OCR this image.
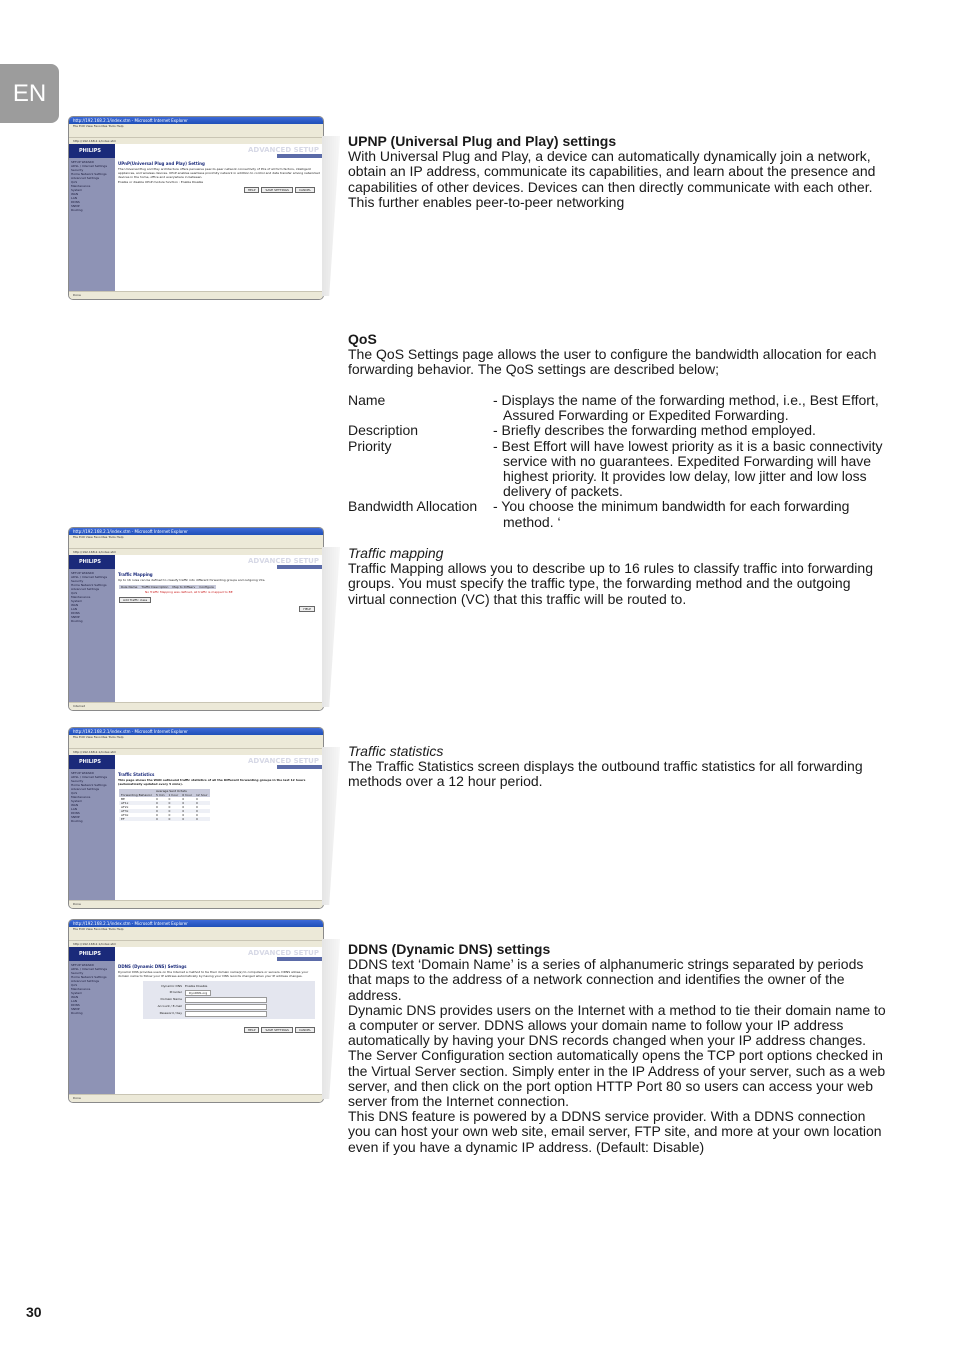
EN
http://192.168.2.1/index.stm - Microsoft Internet Explorer
File Edit View Favorites Tools Help
http://192.168.2.1/index.stm
PHILIPS
SETUP WIZARD
ADSL / Internet Settings
Security
Home Network Settings
Advanced Settings
QoS
Maintenance
System
WAN
LAN
DDNS
SNMP
Routing
ADVANCED SETUP
UPnP(Universal Plug and Play) Setting
The Universal Plug and Play architecture offers pervasive peer-to-peer network connectivity of PCs of all form factors, intelligent appliances, and wireless devices. UPnP enables seamless proximity network in addition to control and data transfer among networked devices in the home, office and everywhere in between.
Enable or disable UPnP module function : Enable Disable
HELP	SAVE SETTINGS	CANCEL
Done
http://192.168.2.1/index.stm - Microsoft Internet Explorer
File Edit View Favorites Tools Help
http://192.168.2.1/index.stm
PHILIPS
SETUP WIZARD
ADSL / Internet Settings
Security
Home Network Settings
Advanced Settings
QoS
Maintenance
System
WAN
LAN
DDNS
SNMP
Routing
ADVANCED SETUP
Traffic Mapping
Up to 16 rules can be defined to classify traffic into different forwarding groups and outgoing VCs.
Rule Name	Traffic Description	Map to Diffserv	Configure
No Traffic Mapping was defined, all traffic is mapped to BE
Add Traffic class
HELP
Internet
http://192.168.2.1/index.stm - Microsoft Internet Explorer
File Edit View Favorites Tools Help
http://192.168.2.1/index.stm
PHILIPS
SETUP WIZARD
ADSL / Internet Settings
Security
Home Network Settings
Advanced Settings
QoS
Maintenance
System
WAN
LAN
DDNS
SNMP
Routing
ADVANCED SETUP
Traffic Statistics
This page shows the WAN outbound traffic statistics of all the Different forwarding groups in the last 12 hours (automatically updated every 5 mins).
	Average Sent Octets			
Forwarding Behavior	5 min	1 hour	6 hour	12 hour
BE	0	0	0	0
AF1x	0	0	0	0
AF2x	0	0	0	0
AF3x	0	0	0	0
AF4x	0	0	0	0
EF	0	0	0	0
Done
http://192.168.2.1/index.stm - Microsoft Internet Explorer
File Edit View Favorites Tools Help
http://192.168.2.1/index.stm
PHILIPS
SETUP WIZARD
ADSL / Internet Settings
Security
Home Network Settings
Advanced Settings
QoS
Maintenance
System
WAN
LAN
DDNS
SNMP
Routing
ADVANCED SETUP
DDNS (Dynamic DNS) Settings
Dynamic DNS provides users on the Internet a method to tie their domain name(s) to computers or servers. DDNS allows your domain name to follow your IP address automatically by having your DNS records changed when your IP address changes.
Dynamic DNS	Enable Disable
Provider	DynDNS.org
Domain Name
Account / E-mail
Password / Key
HELP	SAVE SETTINGS	CANCEL
Done

UPNP (Universal Plug and Play) settings

With Universal Plug and Play, a device can automatically dynamically join a network, obtain an IP address, communicate its capabilities, and learn about the presence and capabilities of other devices. Devices can then directly communicate with each other. This further enables peer-to-peer networking

QoS

The QoS Settings page allows the user to configure the bandwidth allocation for each forwarding behavior. The QoS settings are described below;

Name	- Displays the name of the forwarding method, i.e., Best Effort, Assured Forwarding or Expedited Forwarding.
Description	- Briefly describes the forwarding method employed.
Priority	- Best Effort will have lowest priority as it is a basic connectivity service with no guarantees. Expedited Forwarding will have highest priority. It provides low delay, low jitter and low loss delivery of packets.
Bandwidth Allocation	- You choose the minimum bandwidth for each forwarding method. ‘

Traffic mapping

Traffic Mapping allows you to describe up to 16 rules to classify traffic into forwarding groups. You must specify the traffic type, the forwarding method and the outgoing virtual connection (VC) that this traffic will be routed to.

Traffic statistics

The Traffic Statistics screen displays the outbound traffic statistics for all forwarding methods over a 12 hour period.

DDNS (Dynamic DNS) settings

DDNS text ‘Domain Name’ is a series of alphanumeric strings separated by periods that maps to the address of a network connection and identifies the owner of the address.

Dynamic DNS provides users on the Internet with a method to tie their domain name to a computer or server. DDNS allows your domain name to follow your IP address automatically by having your DNS records changed when your IP address changes.

The Server Configuration section automatically opens the TCP port options checked in the Virtual Server section. Simply enter in the IP Address of your server, such as a web server, and then click on the port option HTTP Port 80 so users can access your web server from the Internet connection.

This DNS feature is powered by a DDNS service provider. With a DDNS connection you can host your own web site, email server, FTP site, and more at your own location even if you have a dynamic IP address. (Default: Disable)

30
